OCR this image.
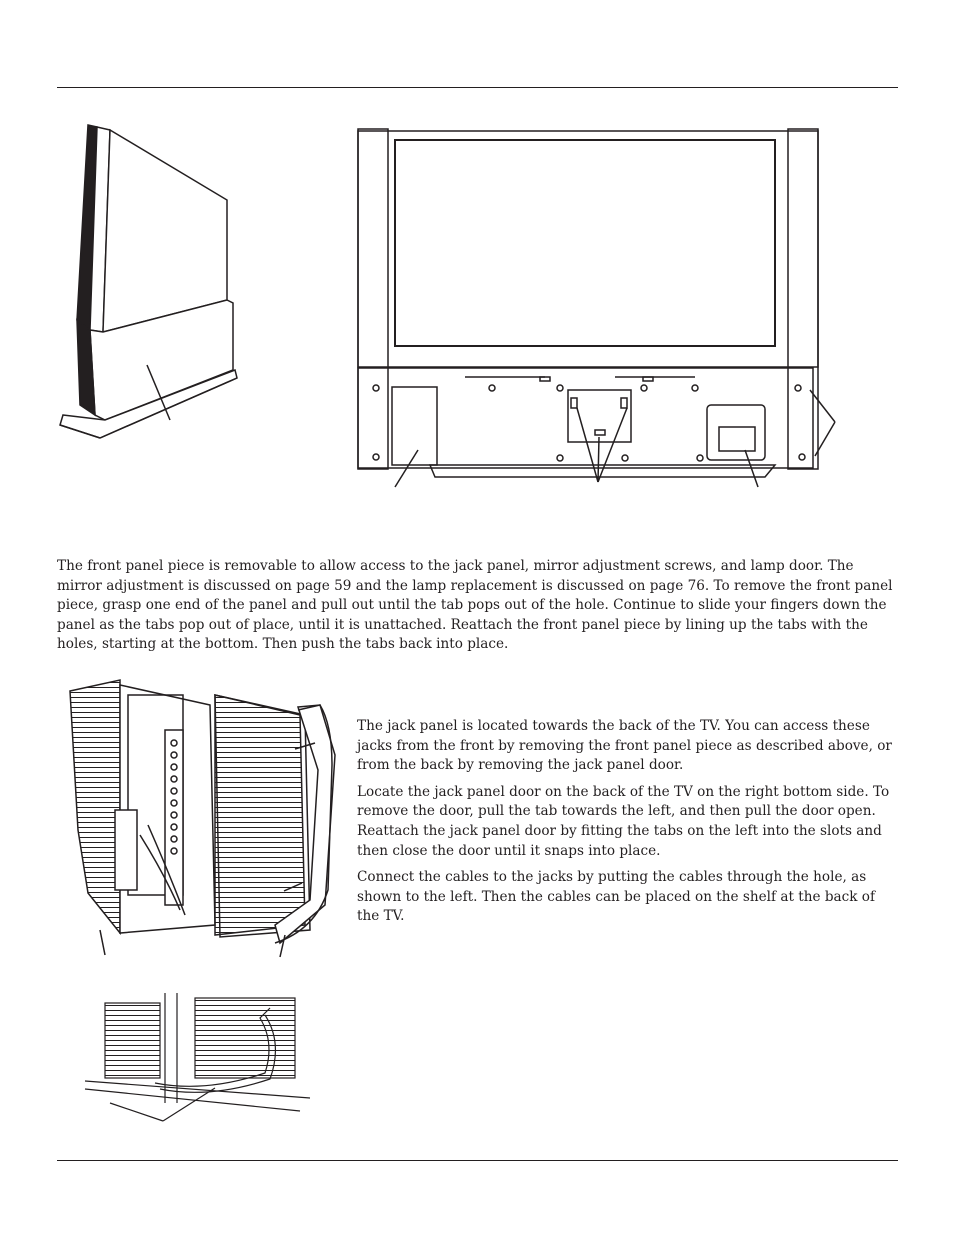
The front panel piece is removable to allow access to the jack panel, mirror adjustment screws, and lamp door. The mirror adjustment is discussed on page 59 and the lamp replacement is discussed on page 76. To remove the front panel piece, grasp one end of the panel and pull out until the tab pops out of the hole. Continue to slide your fingers down the panel as the tabs pop out of place, until it is unattached. Reattach the front panel piece by lining up the tabs with the holes, starting at the bottom. Then push the tabs back into place.

The jack panel is located towards the back of the TV. You can access these jacks from the front by removing the front panel piece as described above, or from the back by removing the jack panel door.

Locate the jack panel door on the back of the TV on the right bottom side. To remove the door, pull the tab towards the left, and then pull the door open. Reattach the jack panel door by fitting the tabs on the left into the slots and then close the door until it snaps into place.

Connect the cables to the jacks by putting the cables through the hole, as shown to the left. Then the cables can be placed on the shelf at the back of the TV.
